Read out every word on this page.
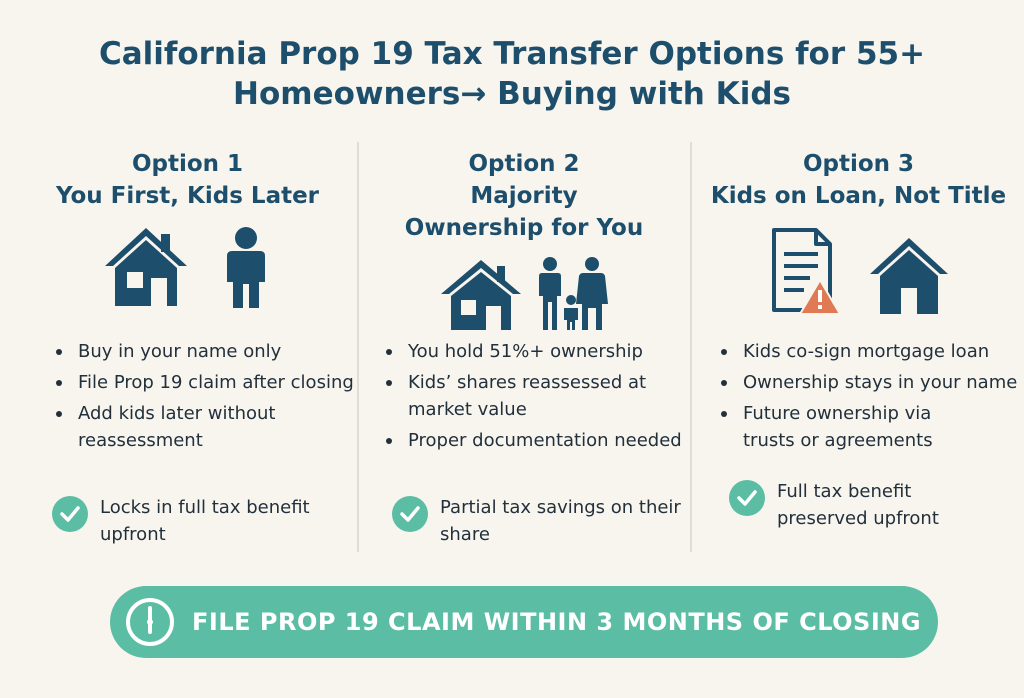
California Prop 19 Tax Transfer Options for 55+
Homeowners→ Buying with Kids
Option 1
You First, Kids Later
Buy in your name only
File Prop 19 claim after closing
Add kids later without reassessment
Locks in full tax benefit upfront
Option 2
Majority Ownership for You
You hold 51%+ ownership
Kids’ shares reassessed at market value
Proper documentation needed
Partial tax savings on their share
Option 3
Kids on Loan, Not Title
Kids co-sign mortgage loan
Ownership stays in your name
Future ownership via trusts or agreements
Full tax benefit preserved upfront
FILE PROP 19 CLAIM WITHIN 3 MONTHS OF CLOSING
